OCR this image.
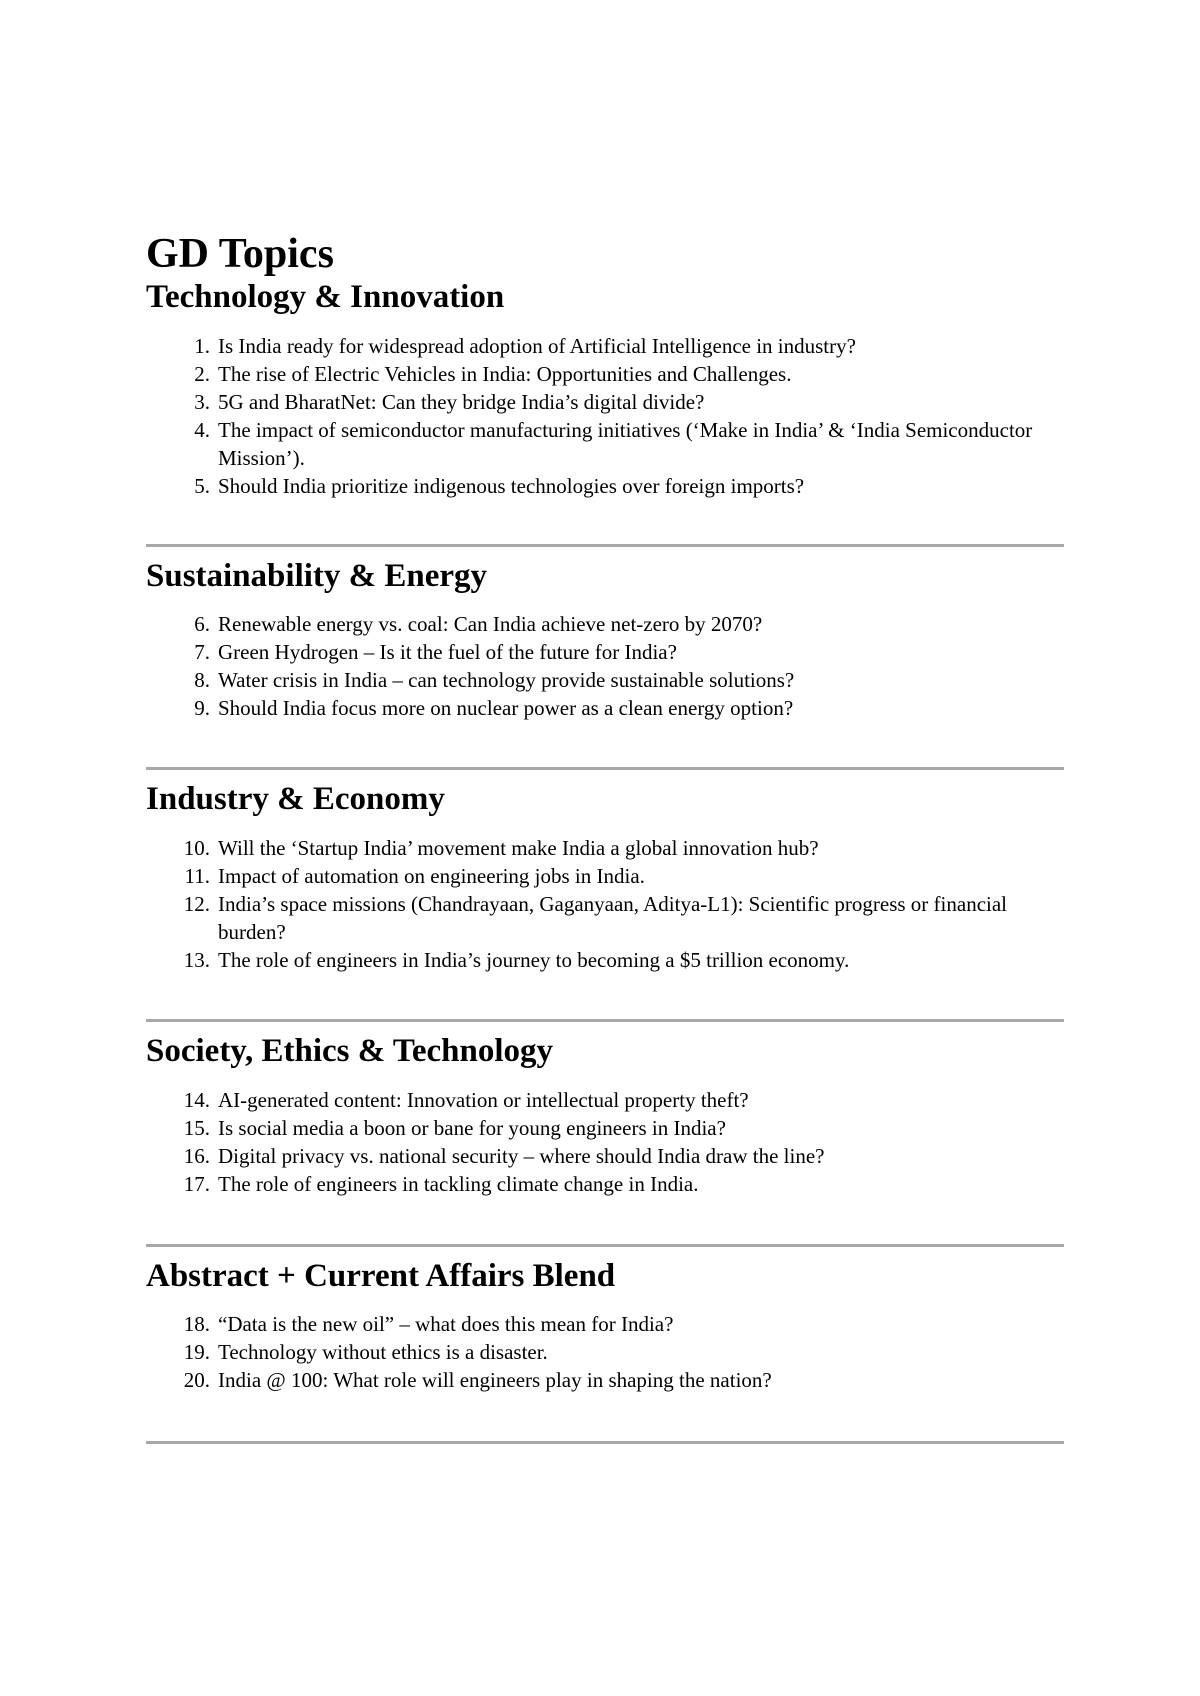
GD Topics
Technology & Innovation
1. Is India ready for widespread adoption of Artificial Intelligence in industry?
2. The rise of Electric Vehicles in India: Opportunities and Challenges.
3. 5G and BharatNet: Can they bridge India’s digital divide?
4. The impact of semiconductor manufacturing initiatives (‘Make in India’ & ‘India Semiconductor Mission’).
5. Should India prioritize indigenous technologies over foreign imports?
Sustainability & Energy
6. Renewable energy vs. coal: Can India achieve net-zero by 2070?
7. Green Hydrogen – Is it the fuel of the future for India?
8. Water crisis in India – can technology provide sustainable solutions?
9. Should India focus more on nuclear power as a clean energy option?
Industry & Economy
10. Will the ‘Startup India’ movement make India a global innovation hub?
11. Impact of automation on engineering jobs in India.
12. India’s space missions (Chandrayaan, Gaganyaan, Aditya-L1): Scientific progress or financial burden?
13. The role of engineers in India’s journey to becoming a $5 trillion economy.
Society, Ethics & Technology
14. AI-generated content: Innovation or intellectual property theft?
15. Is social media a boon or bane for young engineers in India?
16. Digital privacy vs. national security – where should India draw the line?
17. The role of engineers in tackling climate change in India.
Abstract + Current Affairs Blend
18. “Data is the new oil” – what does this mean for India?
19. Technology without ethics is a disaster.
20. India @ 100: What role will engineers play in shaping the nation?
